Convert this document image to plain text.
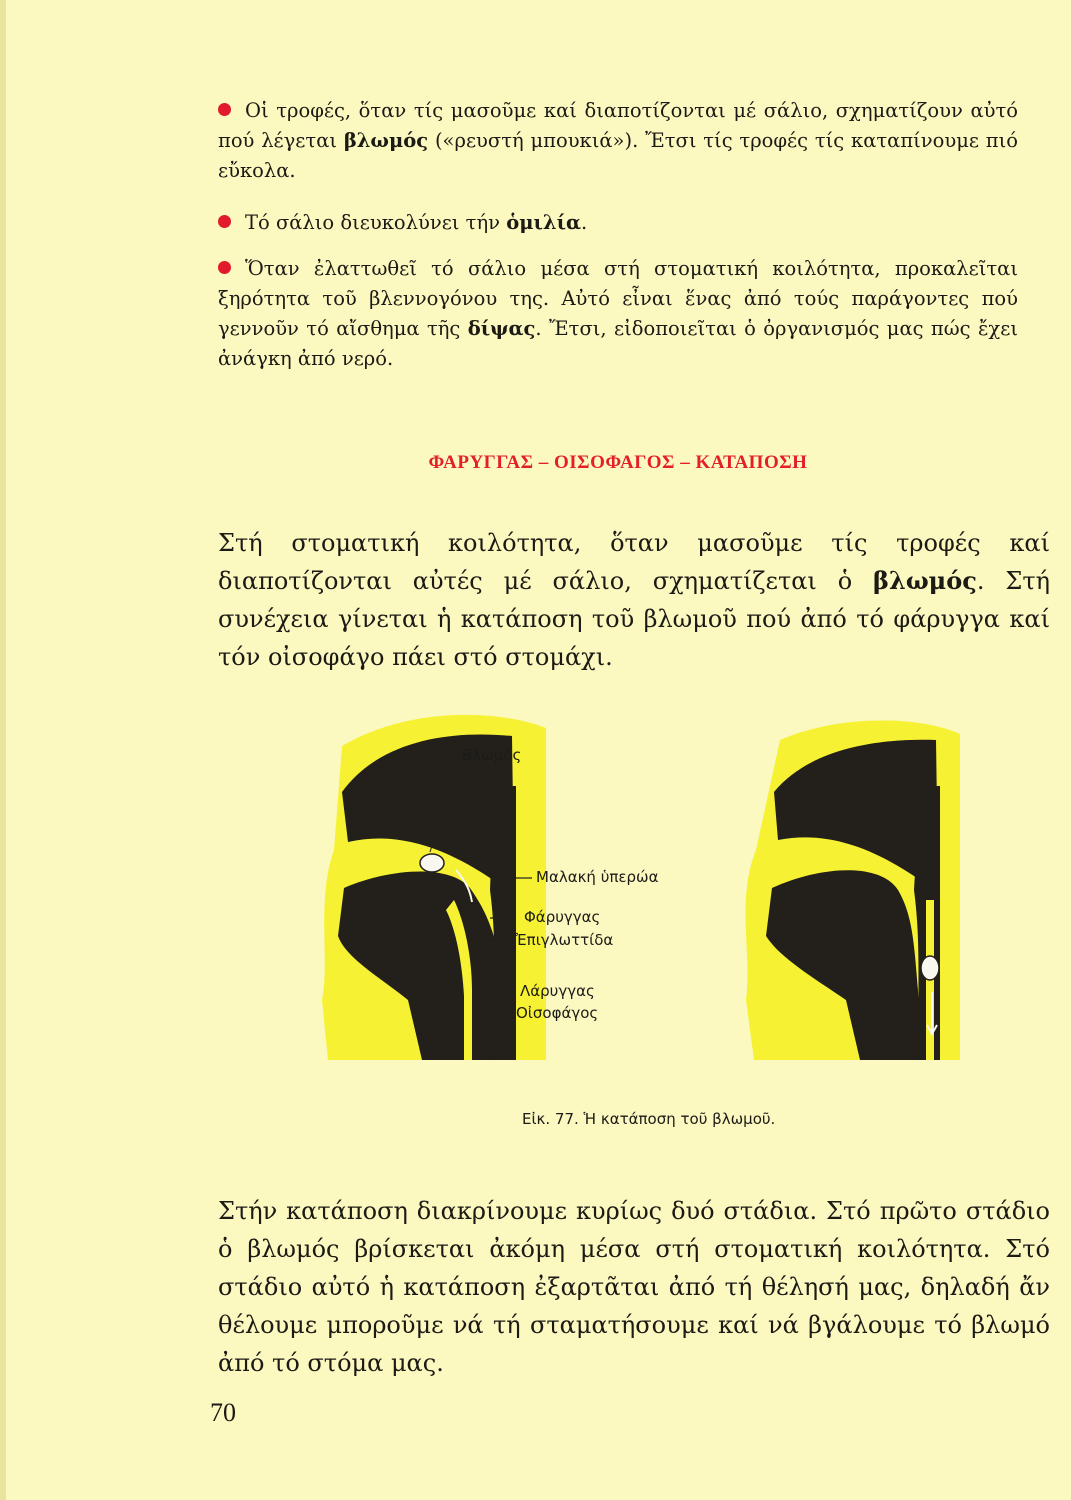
Οἱ τροφές, ὅταν τίς μασοῦμε καί διαποτίζονται μέ σάλιο, σχηματίζουν αὐτό πού λέγεται βλωμός («ρευστή μπουκιά»). Ἔτσι τίς τροφές τίς καταπίνουμε πιό εὔκολα.

Τό σάλιο διευκολύνει τήν ὁμιλία.

Ὅταν ἐλαττωθεῖ τό σάλιο μέσα στή στοματική κοιλότητα, προκαλεῖται ξηρότητα τοῦ βλεννογόνου της. Αὐτό εἶναι ἕνας ἀπό τούς παράγοντες πού γεννοῦν τό αἴσθημα τῆς δίψας. Ἔτσι, εἰδοποιεῖται ὁ ὀργανισμός μας πώς ἔχει ἀνάγκη ἀπό νερό.

ΦΑΡΥΓΓΑΣ – ΟΙΣΟΦΑΓΟΣ – ΚΑΤΑΠΟΣΗ

Στή στοματική κοιλότητα, ὅταν μασοῦμε τίς τροφές καί διαποτίζονται αὐτές μέ σάλιο, σχηματίζεται ὁ βλωμός. Στή συνέχεια γίνεται ἡ κατάποση τοῦ βλωμοῦ πού ἀπό τό φάρυγγα καί τόν οἰσοφάγο πάει στό στομάχι.

Βλωμός
Μαλακή ὑπερώα
Φάρυγγας
Ἐπιγλωττίδα
Λάρυγγας
Οἰσοφάγος
Εἰκ. 77. Ἡ κατάποση τοῦ βλωμοῦ.

Στήν κατάποση διακρίνουμε κυρίως δυό στάδια. Στό πρῶτο στάδιο ὁ βλωμός βρίσκεται ἀκόμη μέσα στή στοματική κοιλότητα. Στό στάδιο αὐτό ἡ κατάποση ἐξαρτᾶται ἀπό τή θέλησή μας, δηλαδή ἄν θέλουμε μποροῦμε νά τή σταματήσουμε καί νά βγάλουμε τό βλωμό ἀπό τό στόμα μας.

70
